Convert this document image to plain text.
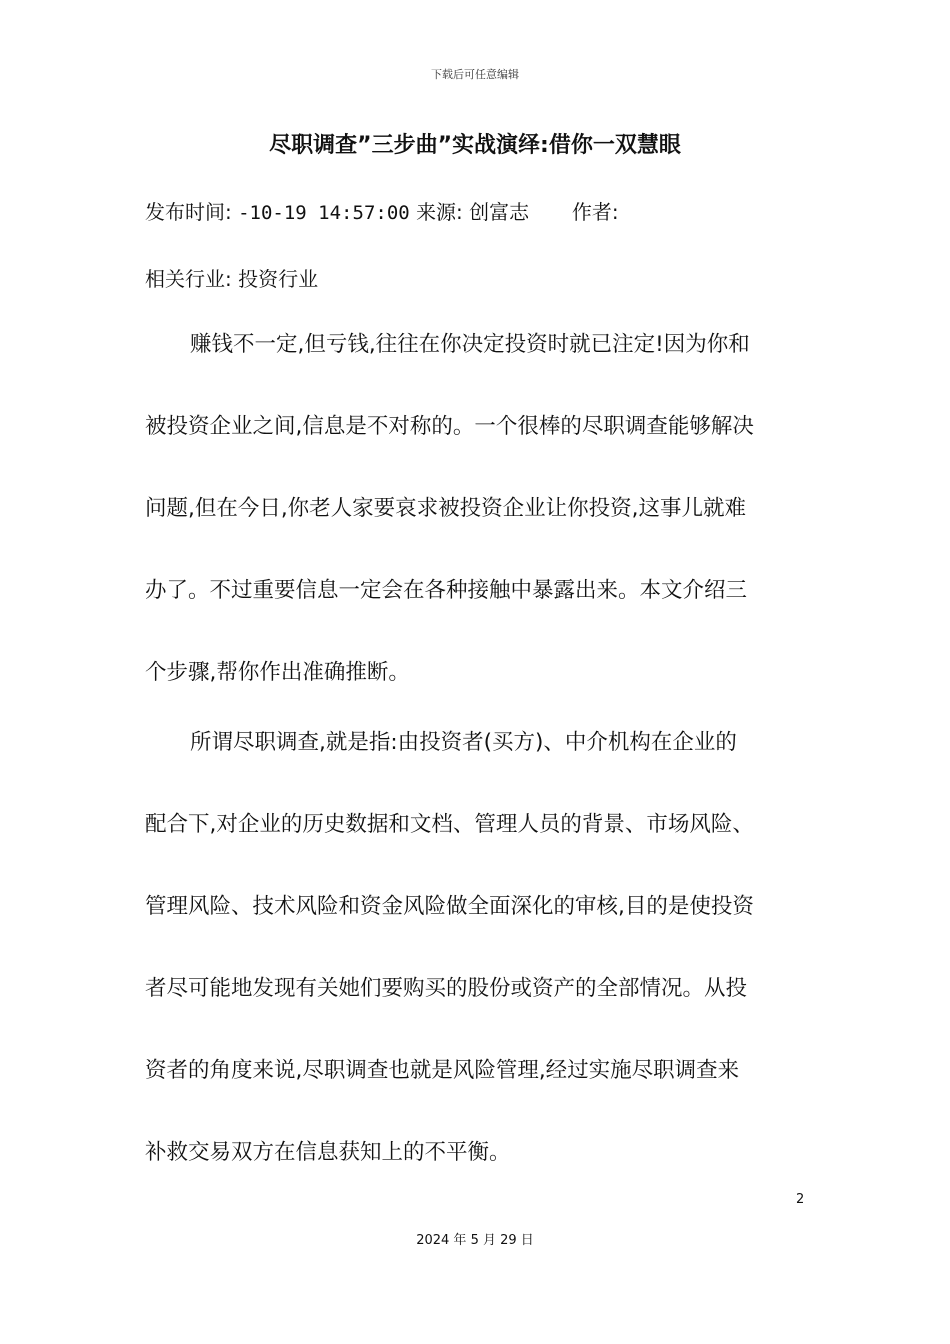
下载后可任意编辑
尽职调查”三步曲”实战演绎:借你一双慧眼
发布时间: -10-19 14:57:00 来源: 创富志 作者:
相关行业: 投资行业
赚钱不一定,但亏钱,往往在你决定投资时就已注定!因为你和
被投资企业之间,信息是不对称的。一个很棒的尽职调查能够解决
问题,但在今日,你老人家要哀求被投资企业让你投资,这事儿就难
办了。不过重要信息一定会在各种接触中暴露出来。本文介绍三
个步骤,帮你作出准确推断。
所谓尽职调查,就是指:由投资者(买方)、中介机构在企业的
配合下,对企业的历史数据和文档、管理人员的背景、市场风险、
管理风险、技术风险和资金风险做全面深化的审核,目的是使投资
者尽可能地发现有关她们要购买的股份或资产的全部情况。从投
资者的角度来说,尽职调查也就是风险管理,经过实施尽职调查来
补救交易双方在信息获知上的不平衡。
2
2024 年 5 月 29 日
